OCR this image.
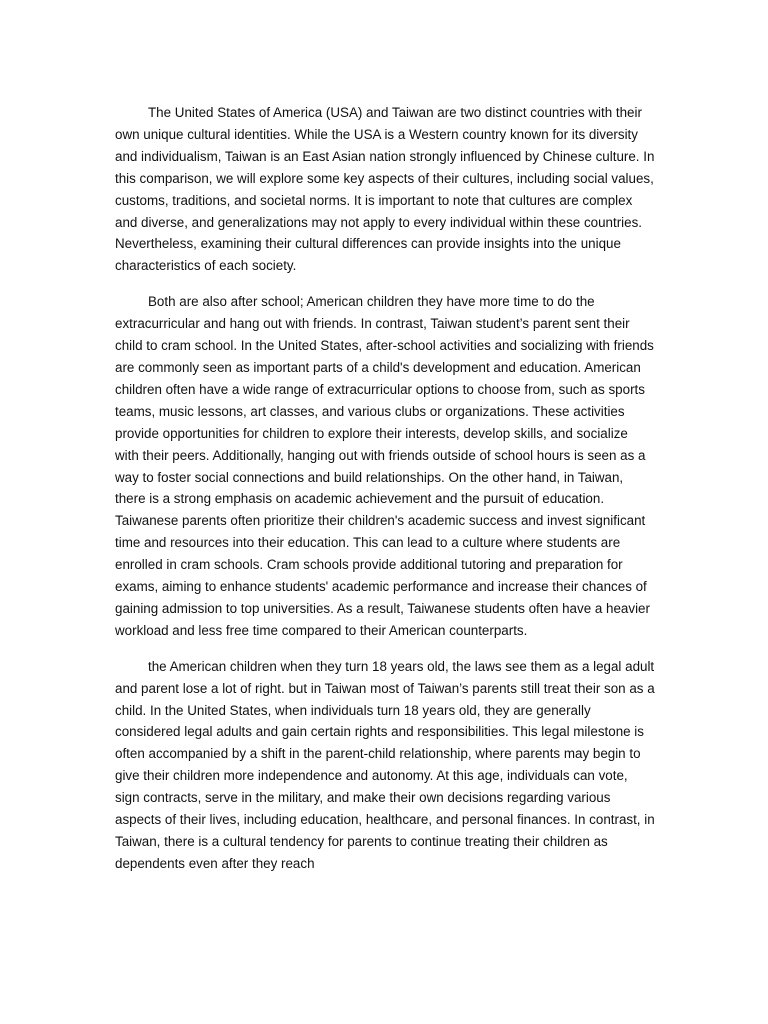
The United States of America (USA) and Taiwan are two distinct countries with their own unique cultural identities. While the USA is a Western country known for its diversity and individualism, Taiwan is an East Asian nation strongly influenced by Chinese culture. In this comparison, we will explore some key aspects of their cultures, including social values, customs, traditions, and societal norms. It is important to note that cultures are complex and diverse, and generalizations may not apply to every individual within these countries. Nevertheless, examining their cultural differences can provide insights into the unique characteristics of each society.

Both are also after school; American children they have more time to do the extracurricular and hang out with friends. In contrast, Taiwan student’s parent sent their child to cram school. In the United States, after-school activities and socializing with friends are commonly seen as important parts of a child's development and education. American children often have a wide range of extracurricular options to choose from, such as sports teams, music lessons, art classes, and various clubs or organizations. These activities provide opportunities for children to explore their interests, develop skills, and socialize with their peers. Additionally, hanging out with friends outside of school hours is seen as a way to foster social connections and build relationships. On the other hand, in Taiwan, there is a strong emphasis on academic achievement and the pursuit of education. Taiwanese parents often prioritize their children's academic success and invest significant time and resources into their education. This can lead to a culture where students are enrolled in cram schools. Cram schools provide additional tutoring and preparation for exams, aiming to enhance students' academic performance and increase their chances of gaining admission to top universities. As a result, Taiwanese students often have a heavier workload and less free time compared to their American counterparts.

the American children when they turn 18 years old, the laws see them as a legal adult and parent lose a lot of right. but in Taiwan most of Taiwan’s parents still treat their son as a child. In the United States, when individuals turn 18 years old, they are generally considered legal adults and gain certain rights and responsibilities. This legal milestone is often accompanied by a shift in the parent-child relationship, where parents may begin to give their children more independence and autonomy. At this age, individuals can vote, sign contracts, serve in the military, and make their own decisions regarding various aspects of their lives, including education, healthcare, and personal finances. In contrast, in Taiwan, there is a cultural tendency for parents to continue treating their children as dependents even after they reach
